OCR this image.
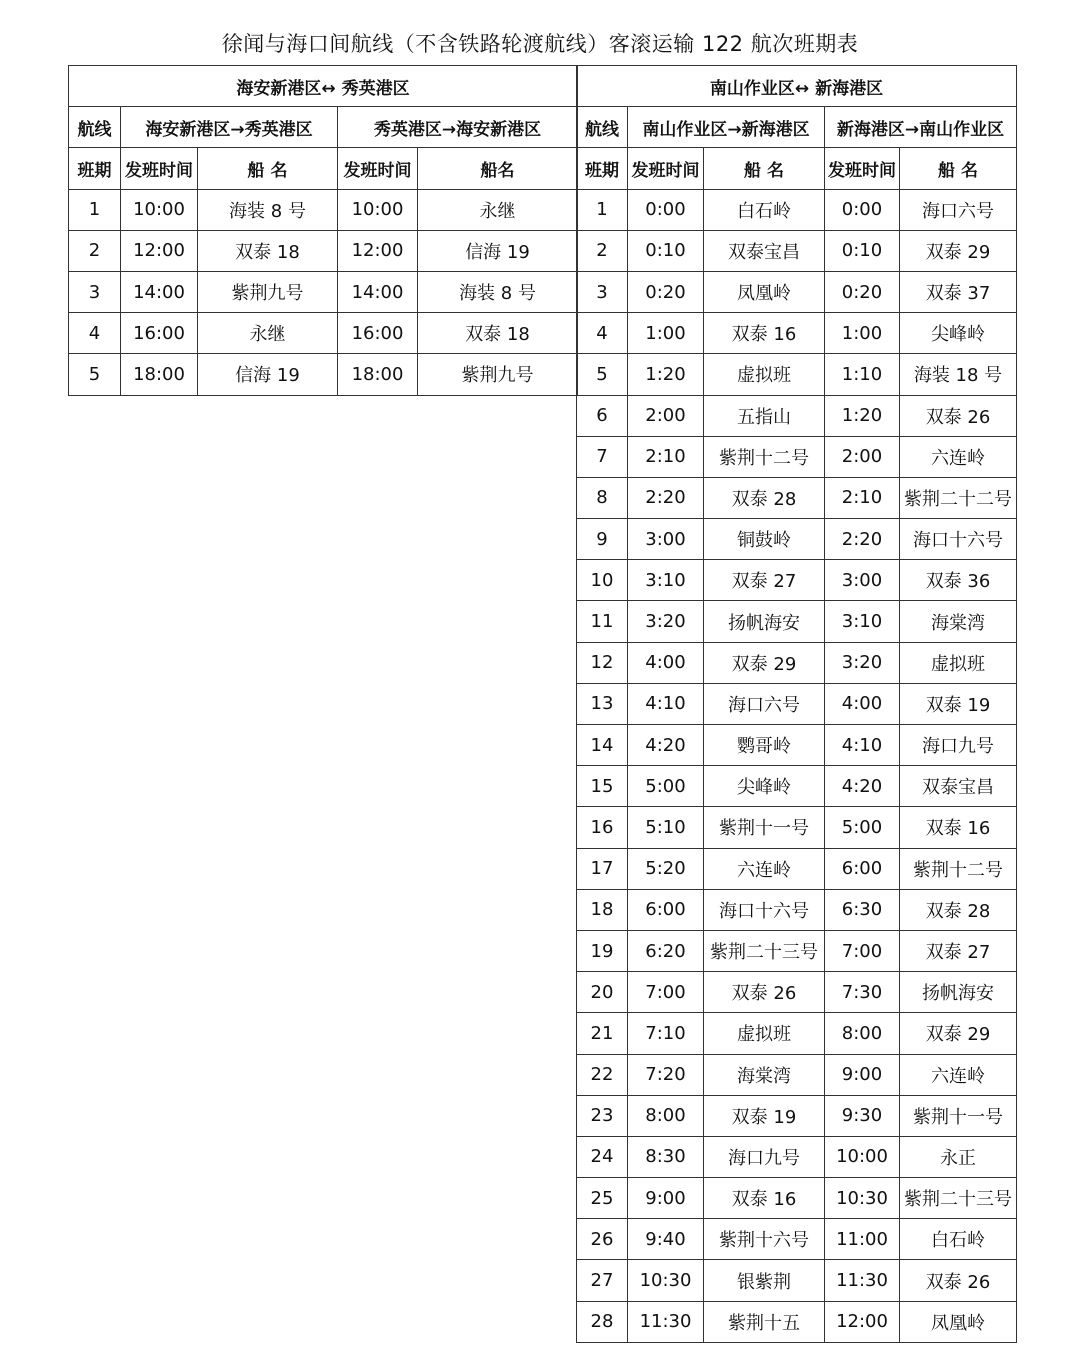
徐闻与海口间航线（不含铁路轮渡航线）客滚运输 122 航次班期表
海安新港区↔ 秀英港区				
航线	海安新港区→秀英港区		秀英港区→海安新港区	
班期	发班时间	船 名	发班时间	船名
1	10:00	海装 8 号	10:00	永继
2	12:00	双泰 18	12:00	信海 19
3	14:00	紫荆九号	14:00	海装 8 号
4	16:00	永继	16:00	双泰 18
5	18:00	信海 19	18:00	紫荆九号
南山作业区↔ 新海港区				
航线	南山作业区→新海港区		新海港区→南山作业区	
班期	发班时间	船 名	发班时间	船 名
1	0:00	白石岭	0:00	海口六号
2	0:10	双泰宝昌	0:10	双泰 29
3	0:20	凤凰岭	0:20	双泰 37
4	1:00	双泰 16	1:00	尖峰岭
5	1:20	虚拟班	1:10	海装 18 号
6	2:00	五指山	1:20	双泰 26
7	2:10	紫荆十二号	2:00	六连岭
8	2:20	双泰 28	2:10	紫荆二十二号
9	3:00	铜鼓岭	2:20	海口十六号
10	3:10	双泰 27	3:00	双泰 36
11	3:20	扬帆海安	3:10	海棠湾
12	4:00	双泰 29	3:20	虚拟班
13	4:10	海口六号	4:00	双泰 19
14	4:20	鹦哥岭	4:10	海口九号
15	5:00	尖峰岭	4:20	双泰宝昌
16	5:10	紫荆十一号	5:00	双泰 16
17	5:20	六连岭	6:00	紫荆十二号
18	6:00	海口十六号	6:30	双泰 28
19	6:20	紫荆二十三号	7:00	双泰 27
20	7:00	双泰 26	7:30	扬帆海安
21	7:10	虚拟班	8:00	双泰 29
22	7:20	海棠湾	9:00	六连岭
23	8:00	双泰 19	9:30	紫荆十一号
24	8:30	海口九号	10:00	永正
25	9:00	双泰 16	10:30	紫荆二十三号
26	9:40	紫荆十六号	11:00	白石岭
27	10:30	银紫荆	11:30	双泰 26
28	11:30	紫荆十五	12:00	凤凰岭
